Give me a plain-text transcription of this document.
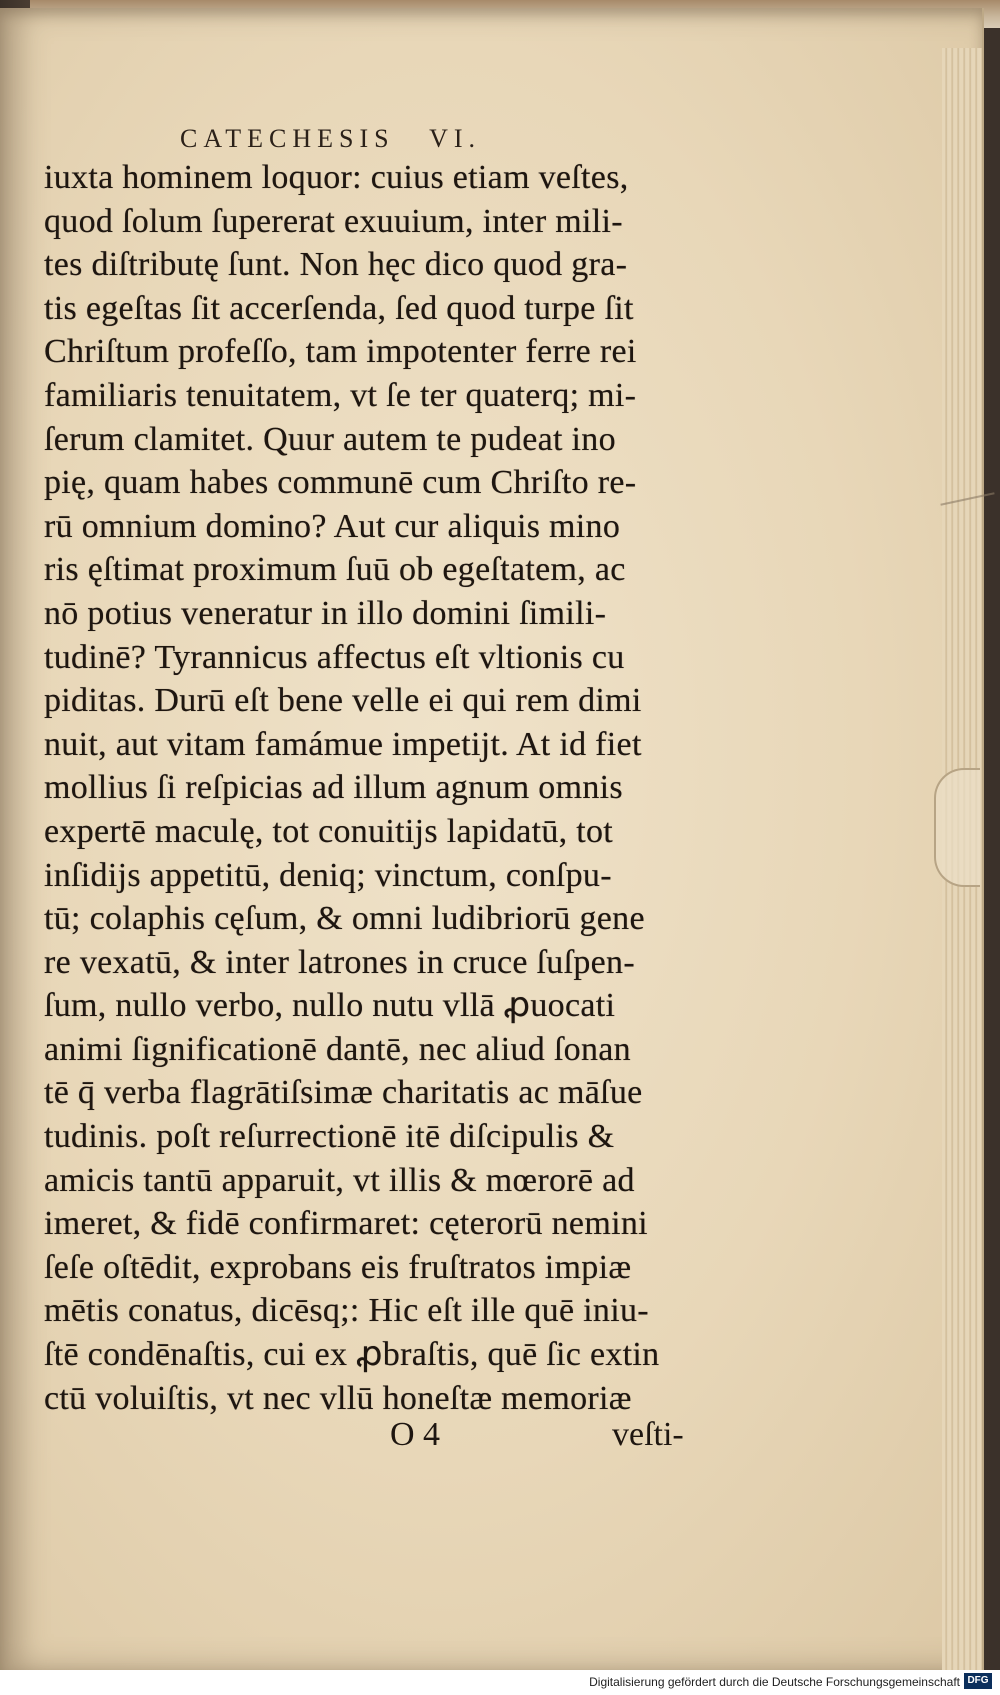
CATECHESIS VI.
iuxta hominem loquor: cuius etiam veſtes,
quod ſolum ſupererat exuuium, inter mili-
tes diſtributę ſunt. Non hęc dico quod gra-
tis egeſtas ſit accerſenda, ſed quod turpe ſit
Chriſtum profeſſo, tam impotenter ferre rei
familiaris tenuitatem, vt ſe ter quaterq; mi-
ſerum clamitet. Quur autem te pudeat ino
pię, quam habes communē cum Chriſto re-
rū omnium domino? Aut cur aliquis mino
ris ęſtimat proximum ſuū ob egeſtatem, ac
nō potius veneratur in illo domini ſimili-
tudinē? Tyrannicus affectus eſt vltionis cu
piditas. Durū eſt bene velle ei qui rem dimi
nuit, aut vitam famámue impetijt. At id fiet
mollius ſi reſpicias ad illum agnum omnis
expertē maculę, tot conuitijs lapidatū, tot
inſidijs appetitū, deniq; vinctum, conſpu-
tū; colaphis cęſum, & omni ludibriorū gene
re vexatū, & inter latrones in cruce ſuſpen-
ſum, nullo verbo, nullo nutu vllā ꝓuocati
animi ſignificationē dantē, nec aliud ſonan
tē q̄ verba flagrātiſsimæ charitatis ac māſue
tudinis. poſt reſurrectionē itē diſcipulis &
amicis tantū apparuit, vt illis & mœrorē ad
imeret, & fidē confirmaret: cęterorū nemini
ſeſe oſtēdit, exprobans eis fruſtratos impiæ
mētis conatus, dicēsq;: Hic eſt ille quē iniu-
ſtē condēnaſtis, cui ex ꝓbraſtis, quē ſic extin
ctū voluiſtis, vt nec vllū honeſtæ memoriæ
O 4	veſti-
Digitalisierung gefördert durch die Deutsche Forschungsgemeinschaft DFG
